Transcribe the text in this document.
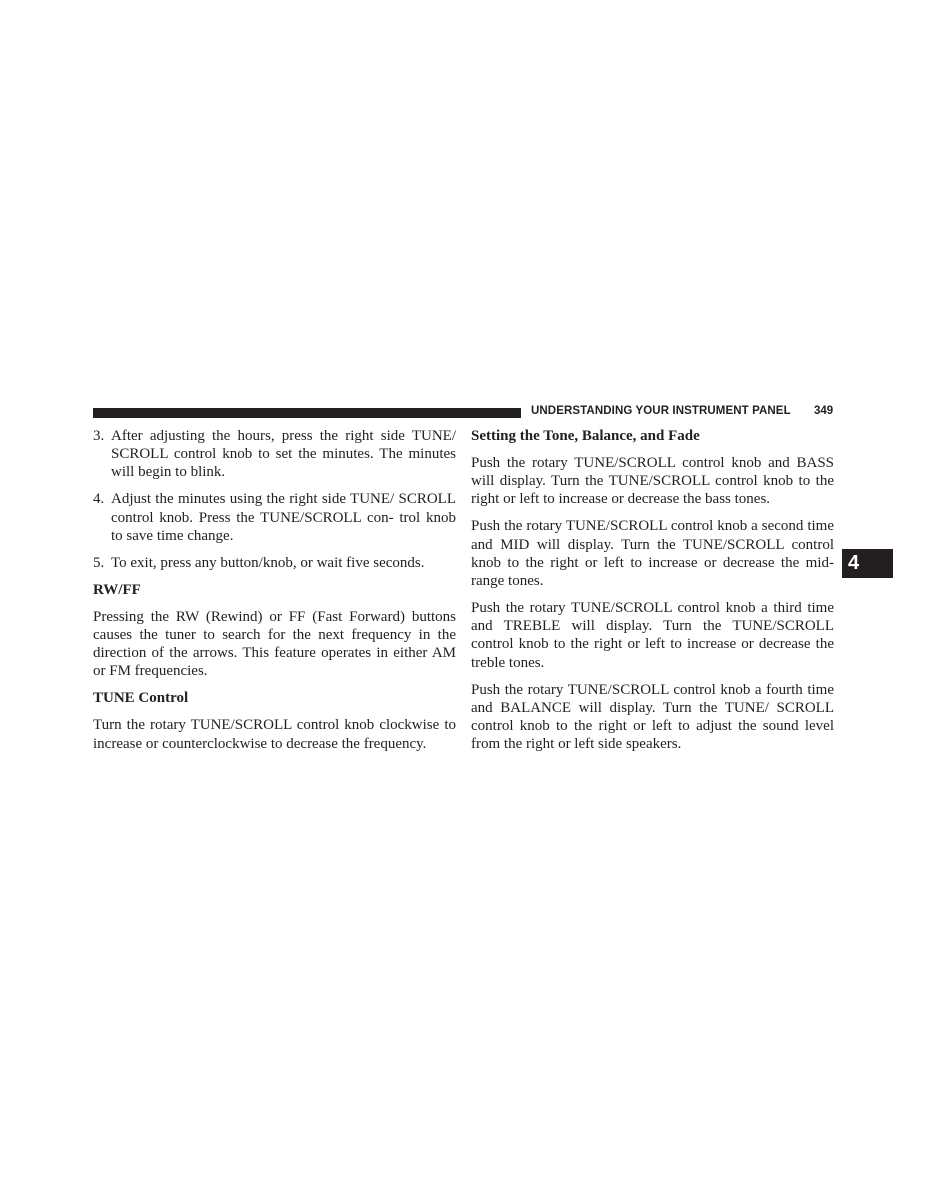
UNDERSTANDING YOUR INSTRUMENT PANEL 349
4
3. After adjusting the hours, press the right side TUNE/ SCROLL control knob to set the minutes. The minutes will begin to blink.
4. Adjust the minutes using the right side TUNE/ SCROLL control knob. Press the TUNE/SCROLL con- trol knob to save time change.
5. To exit, press any button/knob, or wait five seconds.
RW/FF

Pressing the RW (Rewind) or FF (Fast Forward) buttons causes the tuner to search for the next frequency in the direction of the arrows. This feature operates in either AM or FM frequencies.

TUNE Control

Turn the rotary TUNE/SCROLL control knob clockwise to increase or counterclockwise to decrease the frequency.

Setting the Tone, Balance, and Fade

Push the rotary TUNE/SCROLL control knob and BASS will display. Turn the TUNE/SCROLL control knob to the right or left to increase or decrease the bass tones.

Push the rotary TUNE/SCROLL control knob a second time and MID will display. Turn the TUNE/SCROLL control knob to the right or left to increase or decrease the mid-range tones.

Push the rotary TUNE/SCROLL control knob a third time and TREBLE will display. Turn the TUNE/SCROLL control knob to the right or left to increase or decrease the treble tones.

Push the rotary TUNE/SCROLL control knob a fourth time and BALANCE will display. Turn the TUNE/ SCROLL control knob to the right or left to adjust the sound level from the right or left side speakers.
